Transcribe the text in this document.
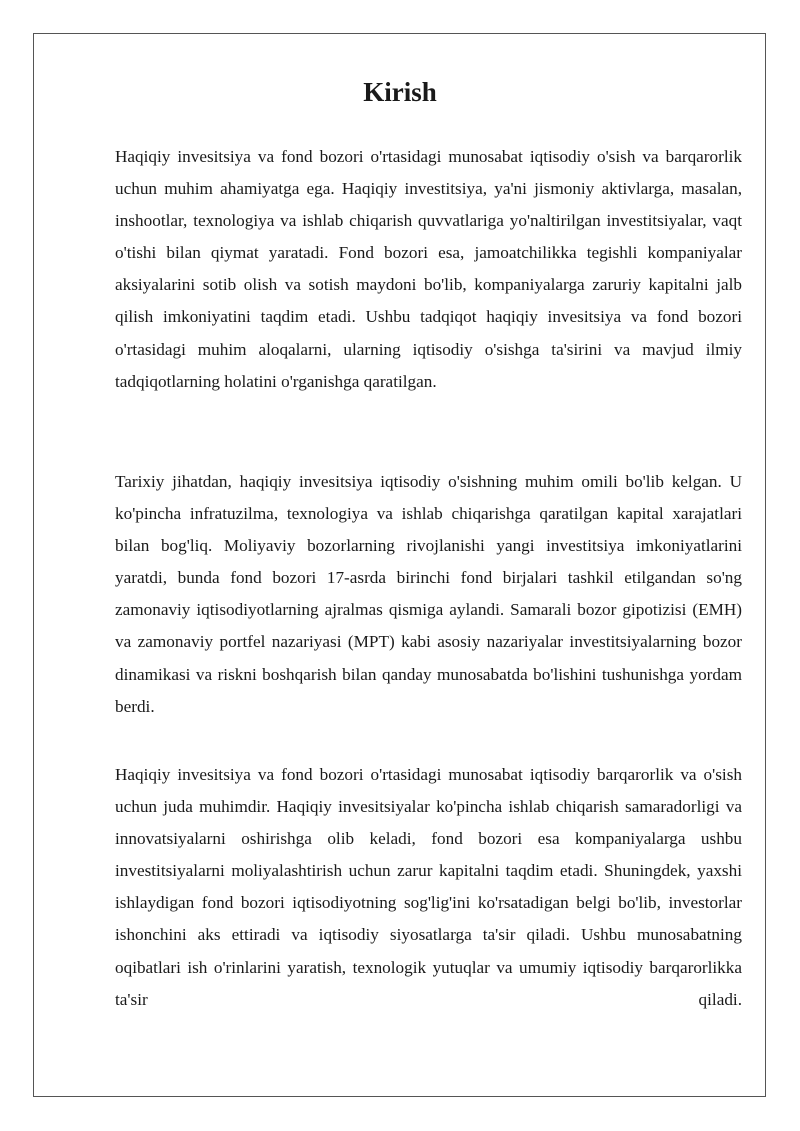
Kirish

Haqiqiy invesitsiya va fond bozori o'rtasidagi munosabat iqtisodiy o'sish va barqarorlik uchun muhim ahamiyatga ega. Haqiqiy investitsiya, ya'ni jismoniy aktivlarga, masalan, inshootlar, texnologiya va ishlab chiqarish quvvatlariga yo'naltirilgan investitsiyalar, vaqt o'tishi bilan qiymat yaratadi. Fond bozori esa, jamoatchilikka tegishli kompaniyalar aksiyalarini sotib olish va sotish maydoni bo'lib, kompaniyalarga zaruriy kapitalni jalb qilish imkoniyatini taqdim etadi. Ushbu tadqiqot haqiqiy invesitsiya va fond bozori o'rtasidagi muhim aloqalarni, ularning iqtisodiy o'sishga ta'sirini va mavjud ilmiy tadqiqotlarning holatini o'rganishga qaratilgan.

Tarixiy jihatdan, haqiqiy invesitsiya iqtisodiy o'sishning muhim omili bo'lib kelgan. U ko'pincha infratuzilma, texnologiya va ishlab chiqarishga qaratilgan kapital xarajatlari bilan bog'liq. Moliyaviy bozorlarning rivojlanishi yangi investitsiya imkoniyatlarini yaratdi, bunda fond bozori 17-asrda birinchi fond birjalari tashkil etilgandan so'ng zamonaviy iqtisodiyotlarning ajralmas qismiga aylandi. Samarali bozor gipotizisi (EMH) va zamonaviy portfel nazariyasi (MPT) kabi asosiy nazariyalar investitsiyalarning bozor dinamikasi va riskni boshqarish bilan qanday munosabatda bo'lishini tushunishga yordam berdi.

Haqiqiy invesitsiya va fond bozori o'rtasidagi munosabat iqtisodiy barqarorlik va o'sish uchun juda muhimdir. Haqiqiy invesitsiyalar ko'pincha ishlab chiqarish samaradorligi va innovatsiyalarni oshirishga olib keladi, fond bozori esa kompaniyalarga ushbu investitsiyalarni moliyalashtirish uchun zarur kapitalni taqdim etadi. Shuningdek, yaxshi ishlaydigan fond bozori iqtisodiyotning sog'lig'ini ko'rsatadigan belgi bo'lib, investorlar ishonchini aks ettiradi va iqtisodiy siyosatlarga ta'sir qiladi. Ushbu munosabatning oqibatlari ish o'rinlarini yaratish, texnologik yutuqlar va umumiy iqtisodiy barqarorlikka ta'sir qiladi.
